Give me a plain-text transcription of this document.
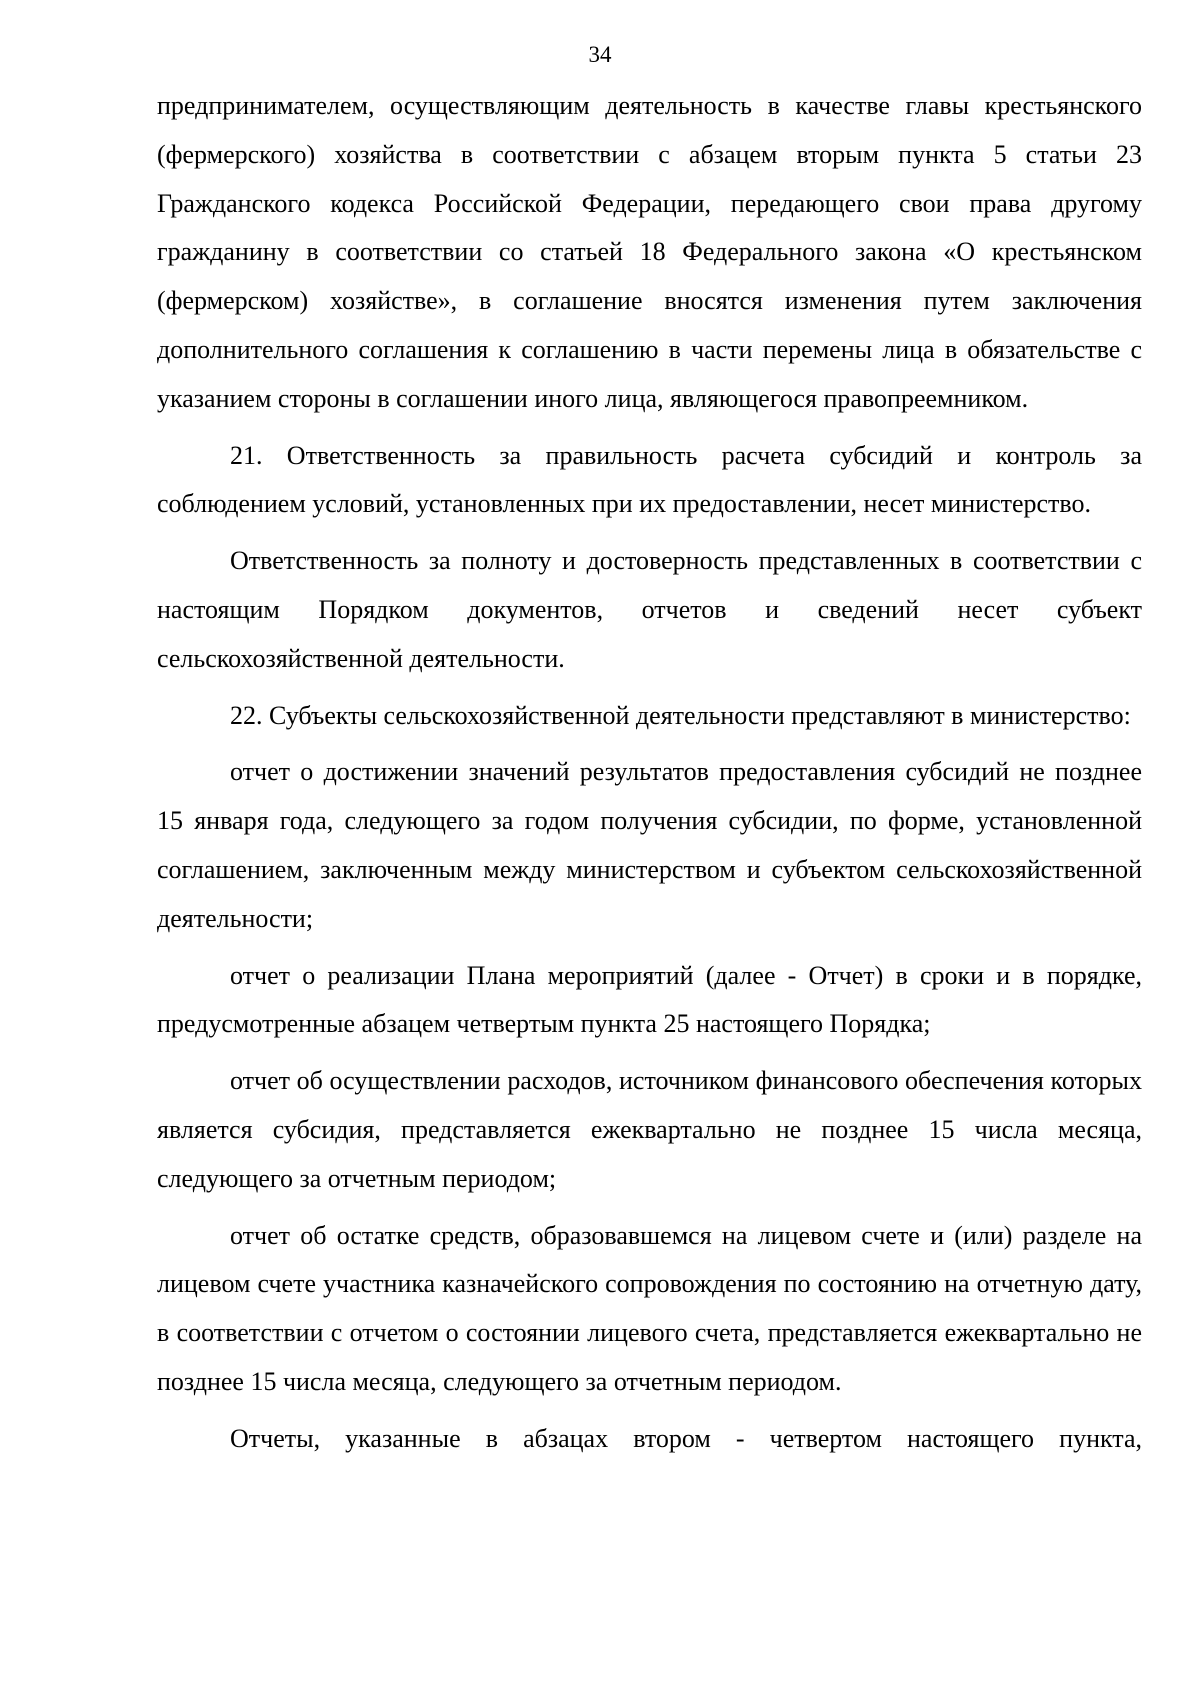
34

предпринимателем, осуществляющим деятельность в качестве главы крестьянского (фермерского) хозяйства в соответствии с абзацем вторым пункта 5 статьи 23 Гражданского кодекса Российской Федерации, передающего свои права другому гражданину в соответствии со статьей 18 Федерального закона «О крестьянском (фермерском) хозяйстве», в соглашение вносятся изменения путем заключения дополнительного соглашения к соглашению в части перемены лица в обязательстве с указанием стороны в соглашении иного лица, являющегося правопреемником.

21. Ответственность за правильность расчета субсидий и контроль за соблюдением условий, установленных при их предоставлении, несет министерство.

Ответственность за полноту и достоверность представленных в соответствии с настоящим Порядком документов, отчетов и сведений несет субъект сельскохозяйственной деятельности.

22. Субъекты сельскохозяйственной деятельности представляют в министерство:

отчет о достижении значений результатов предоставления субсидий не позднее 15 января года, следующего за годом получения субсидии, по форме, установленной соглашением, заключенным между министерством и субъектом сельскохозяйственной деятельности;

отчет о реализации Плана мероприятий (далее - Отчет) в сроки и в порядке, предусмотренные абзацем четвертым пункта 25 настоящего Порядка;

отчет об осуществлении расходов, источником финансового обеспечения которых является субсидия, представляется ежеквартально не позднее 15 числа месяца, следующего за отчетным периодом;

отчет об остатке средств, образовавшемся на лицевом счете и (или) разделе на лицевом счете участника казначейского сопровождения по состоянию на отчетную дату, в соответствии с отчетом о состоянии лицевого счета, представляется ежеквартально не позднее 15 числа месяца, следующего за отчетным периодом.

Отчеты, указанные в абзацах втором - четвертом настоящего пункта,
